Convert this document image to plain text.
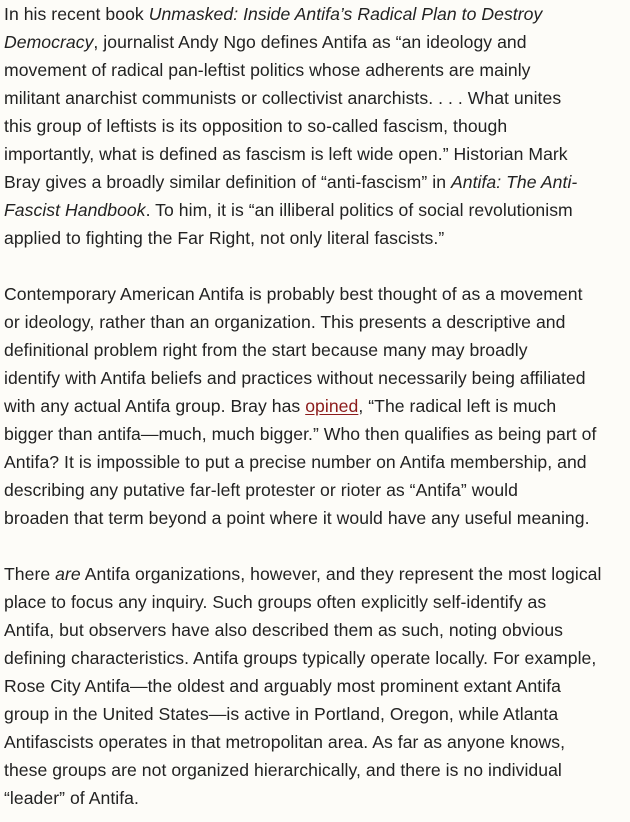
In his recent book Unmasked: Inside Antifa’s Radical Plan to Destroy
Democracy, journalist Andy Ngo defines Antifa as “an ideology and
movement of radical pan-leftist politics whose adherents are mainly
militant anarchist communists or collectivist anarchists. . . . What unites
this group of leftists is its opposition to so-called fascism, though
importantly, what is defined as fascism is left wide open.” Historian Mark
Bray gives a broadly similar definition of “anti-fascism” in Antifa: The Anti-
Fascist Handbook. To him, it is “an illiberal politics of social revolutionism
applied to fighting the Far Right, not only literal fascists.”
Contemporary American Antifa is probably best thought of as a movement
or ideology, rather than an organization. This presents a descriptive and
definitional problem right from the start because many may broadly
identify with Antifa beliefs and practices without necessarily being affiliated
with any actual Antifa group. Bray has opined, “The radical left is much
bigger than antifa—much, much bigger.” Who then qualifies as being part of
Antifa? It is impossible to put a precise number on Antifa membership, and
describing any putative far-left protester or rioter as “Antifa” would
broaden that term beyond a point where it would have any useful meaning.
There are Antifa organizations, however, and they represent the most logical
place to focus any inquiry. Such groups often explicitly self-identify as
Antifa, but observers have also described them as such, noting obvious
defining characteristics. Antifa groups typically operate locally. For example,
Rose City Antifa—the oldest and arguably most prominent extant Antifa
group in the United States—is active in Portland, Oregon, while Atlanta
Antifascists operates in that metropolitan area. As far as anyone knows,
these groups are not organized hierarchically, and there is no individual
“leader” of Antifa.
